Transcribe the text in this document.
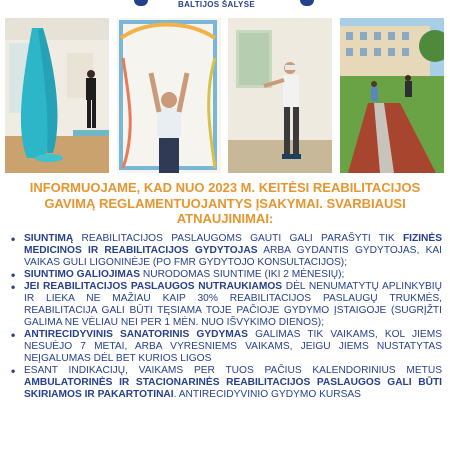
BALTIJOS ŠALYSE
INFORMUOJAME, KAD NUO 2023 M. KEITĖSI REABILITACIJOS GAVIMĄ REGLAMENTUOJANTYS ĮSAKYMAI. SVARBIAUSI ATNAUJINIMAI:
• SIUNTIMĄ REABILITACIJOS PASLAUGOMS GAUTI GALI PARAŠYTI TIK FIZINĖS MEDICINOS IR REABILITACIJOS GYDYTOJAS ARBA GYDANTIS GYDYTOJAS, KAI VAIKAS GULI LIGONINĖJE (PO FMR GYDYTOJO KONSULTACIJOS);
• SIUNTIMO GALIOJIMAS NURODOMAS SIUNTIME (IKI 2 MĖNESIŲ);
• JEI REABILITACIJOS PASLAUGOS NUTRAUKIAMOS DĖL NENUMATYTŲ APLINKYBIŲ IR LIEKA NE MAŽIAU KAIP 30% REABILITACIJOS PASLAUGŲ TRUKMĖS, REABILITACIJA GALI BŪTI TĘSIAMA TOJE PAČIOJE GYDYMO ĮSTAIGOJE (SUGRĮŽTI GALIMA NE VĖLIAU NEI PER 1 MĖN. NUO IŠVYKIMO DIENOS);
• ANTIRECIDYVINIS SANATORINIS GYDYMAS GALIMAS TIK VAIKAMS, KOL JIEMS NESUĖJO 7 METAI, ARBA VYRESNIEMS VAIKAMS, JEIGU JIEMS NUSTATYTAS NEĮGALUMAS DĖL BET KURIOS LIGOS
• ESANT INDIKACIJŲ, VAIKAMS PER TUOS PAČIUS KALENDORINIUS METUS AMBULATORINĖS IR STACIONARINĖS REABILITACIJOS PASLAUGOS GALI BŪTI SKIRIAMOS IR PAKARTOTINAI. ANTIRECIDYVINIO GYDYMO KURSAS
